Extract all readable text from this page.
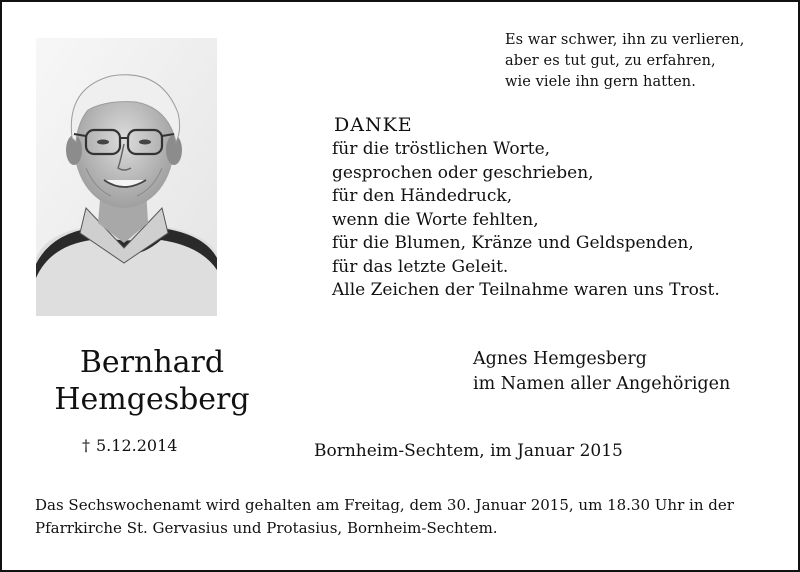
Es war schwer, ihn zu verlieren,
aber es tut gut, zu erfahren,
wie viele ihn gern hatten.
DANKE
für die tröstlichen Worte,
gesprochen oder geschrieben,
für den Händedruck,
wenn die Worte fehlten,
für die Blumen, Kränze und Geldspenden,
für das letzte Geleit.
Alle Zeichen der Teilnahme waren uns Trost.
Bernhard
Hemgesberg
† 5.12.2014
Agnes Hemgesberg
im Namen aller Angehörigen
Bornheim-Sechtem, im Januar 2015
Das Sechswochenamt wird gehalten am Freitag, dem 30. Januar 2015, um 18.30 Uhr in der Pfarrkirche St. Gervasius und Protasius, Bornheim-Sechtem.
